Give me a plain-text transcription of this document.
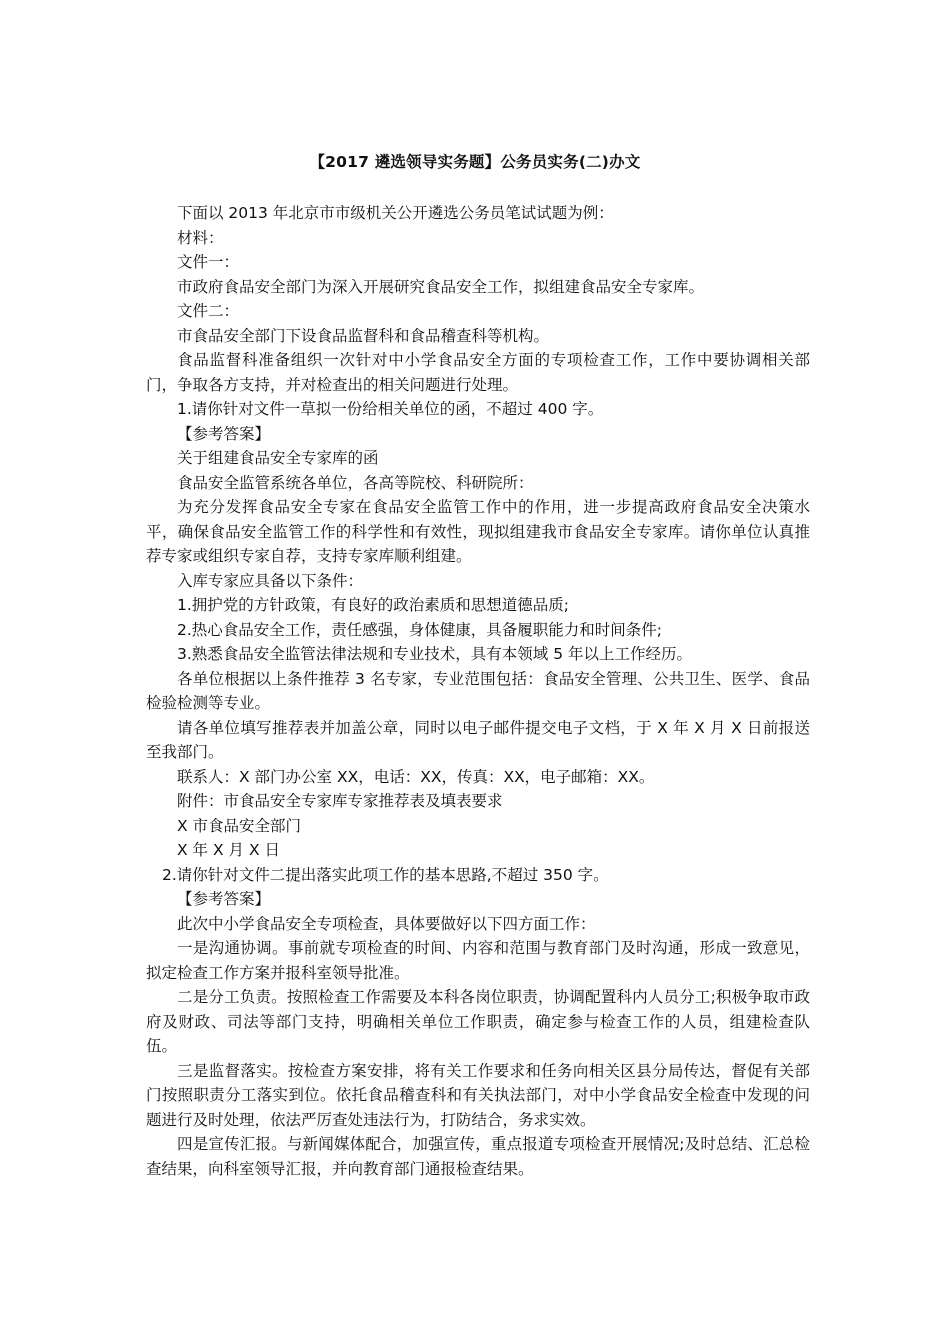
【2017 遴选领导实务题】公务员实务(二)办文

下面以 2013 年北京市市级机关公开遴选公务员笔试试题为例：

材料：

文件一：

市政府食品安全部门为深入开展研究食品安全工作，拟组建食品安全专家库。

文件二：

市食品安全部门下设食品监督科和食品稽查科等机构。

食品监督科准备组织一次针对中小学食品安全方面的专项检查工作，工作中要协调相关部门，争取各方支持，并对检查出的相关问题进行处理。

1.请你针对文件一草拟一份给相关单位的函，不超过 400 字。

【参考答案】

关于组建食品安全专家库的函

食品安全监管系统各单位，各高等院校、科研院所：

为充分发挥食品安全专家在食品安全监管工作中的作用，进一步提高政府食品安全决策水平，确保食品安全监管工作的科学性和有效性，现拟组建我市食品安全专家库。请你单位认真推荐专家或组织专家自荐，支持专家库顺利组建。

入库专家应具备以下条件：

1.拥护党的方针政策，有良好的政治素质和思想道德品质;

2.热心食品安全工作，责任感强，身体健康，具备履职能力和时间条件;

3.熟悉食品安全监管法律法规和专业技术，具有本领域 5 年以上工作经历。

各单位根据以上条件推荐 3 名专家，专业范围包括：食品安全管理、公共卫生、医学、食品检验检测等专业。

请各单位填写推荐表并加盖公章，同时以电子邮件提交电子文档，于 X 年 X 月 X 日前报送至我部门。

联系人：X 部门办公室 XX，电话：XX，传真：XX，电子邮箱：XX。

附件：市食品安全专家库专家推荐表及填表要求

X 市食品安全部门

X 年 X 月 X 日

2.请你针对文件二提出落实此项工作的基本思路,不超过 350 字。

【参考答案】

此次中小学食品安全专项检查，具体要做好以下四方面工作：

一是沟通协调。事前就专项检查的时间、内容和范围与教育部门及时沟通，形成一致意见，拟定检查工作方案并报科室领导批准。

二是分工负责。按照检查工作需要及本科各岗位职责，协调配置科内人员分工;积极争取市政府及财政、司法等部门支持，明确相关单位工作职责，确定参与检查工作的人员，组建检查队伍。

三是监督落实。按检查方案安排，将有关工作要求和任务向相关区县分局传达，督促有关部门按照职责分工落实到位。依托食品稽查科和有关执法部门，对中小学食品安全检查中发现的问题进行及时处理，依法严厉查处违法行为，打防结合，务求实效。

四是宣传汇报。与新闻媒体配合，加强宣传，重点报道专项检查开展情况;及时总结、汇总检查结果，向科室领导汇报，并向教育部门通报检查结果。
